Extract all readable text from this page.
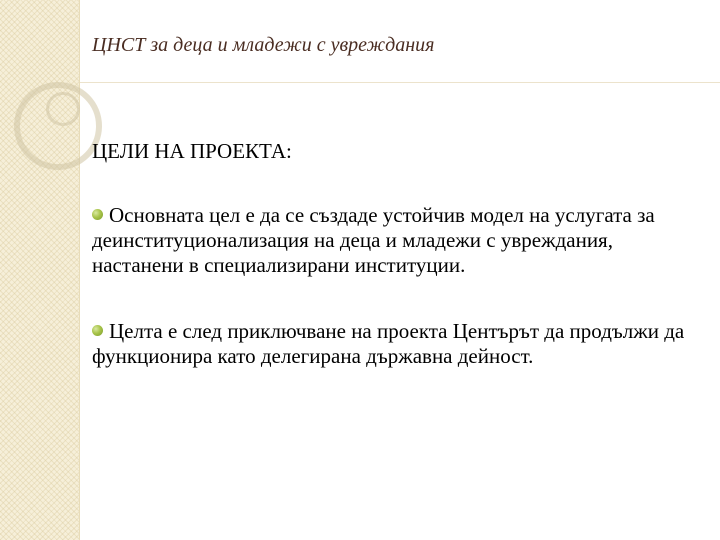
ЦНСТ за деца и младежи с увреждания
ЦЕЛИ НА ПРОЕКТА:
Основната цел е да се създаде устойчив модел на услугата за деинституционализация на деца и младежи с увреждания, настанени в специализирани институции.
Целта е след приключване на проекта Центърът да продължи да функционира като делегирана държавна дейност.
